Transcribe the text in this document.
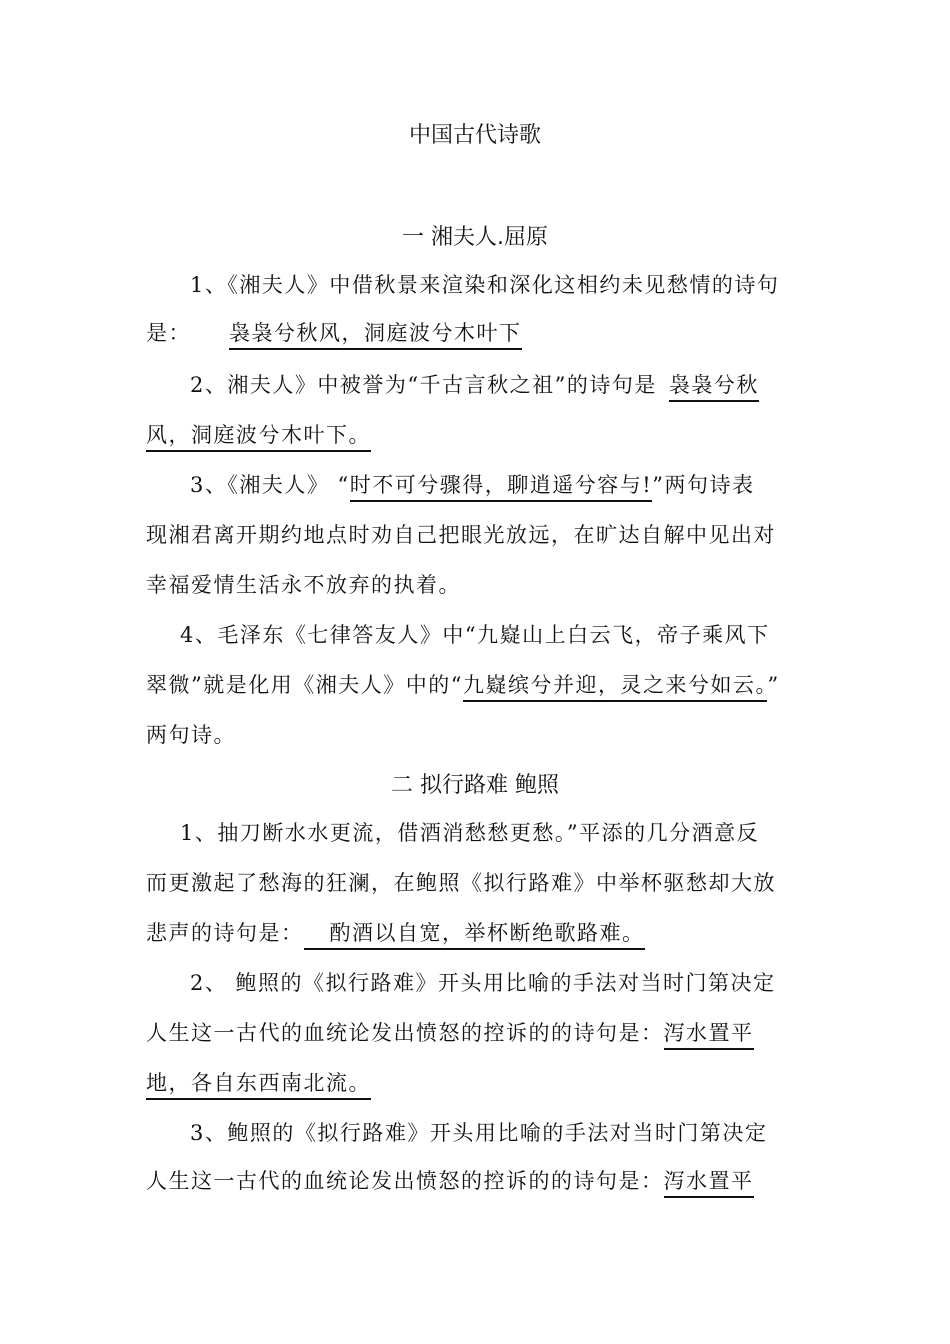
中国古代诗歌
一 湘夫人.屈原
1、《湘夫人》中借秋景来渲染和深化这相约未见愁情的诗句
是： 袅袅兮秋风，洞庭波兮木叶下
2、湘夫人》中被誉为“千古言秋之祖”的诗句是 袅袅兮秋
风，洞庭波兮木叶下。
3、《湘夫人》 “时不可兮骤得，聊逍遥兮容与!”两句诗表
现湘君离开期约地点时劝自己把眼光放远，在旷达自解中见出对
幸福爱情生活永不放弃的执着。
4、毛泽东《七律答友人》中“九嶷山上白云飞，帝子乘风下
翠微”就是化用《湘夫人》中的“九嶷缤兮并迎，灵之来兮如云。”
两句诗。
二 拟行路难 鲍照
1、抽刀断水水更流，借酒消愁愁更愁。”平添的几分酒意反
而更激起了愁海的狂澜，在鲍照《拟行路难》中举杯驱愁却大放
悲声的诗句是： 酌酒以自宽，举杯断绝歌路难。
2、 鲍照的《拟行路难》开头用比喻的手法对当时门第决定
人生这一古代的血统论发出愤怒的控诉的的诗句是：泻水置平
地，各自东西南北流。
3、鲍照的《拟行路难》开头用比喻的手法对当时门第决定
人生这一古代的血统论发出愤怒的控诉的的诗句是：泻水置平
